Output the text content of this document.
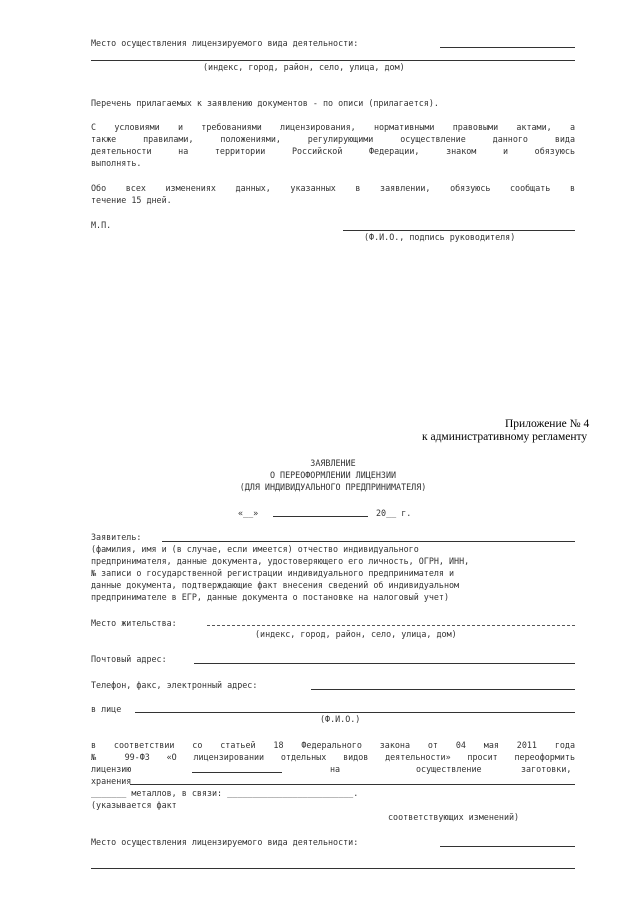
Место осуществления лицензируемого вида деятельности:
(индекс, город, район, село, улица, дом)
Перечень прилагаемых к заявлению документов - по описи (прилагается).
С условиями и требованиями лицензирования, нормативными правовыми актами, а
также правилами, положениями, регулирующими осуществление данного вида
деятельности на территории Российской Федерации, знаком и обязуюсь
выполнять.
Обо всех изменениях данных, указанных в заявлении, обязуюсь сообщать в
течение 15 дней.
М.П.
(Ф.И.О., подпись руководителя)
Приложение № 4
к административному регламенту
ЗАЯВЛЕНИЕ
О ПЕРЕОФОРМЛЕНИИ ЛИЦЕНЗИИ
(ДЛЯ ИНДИВИДУАЛЬНОГО ПРЕДПРИНИМАТЕЛЯ)
«__»	20__ г.
Заявитель:
(фамилия, имя и (в случае, если имеется) отчество индивидуального
предпринимателя, данные документа, удостоверяющего его личность, ОГРН, ИНН,
№ записи о государственной регистрации индивидуального предпринимателя и
данные документа, подтверждающие факт внесения сведений об индивидуальном
предпринимателе в ЕГР, данные документа о постановке на налоговый учет)
Место жительства:
(индекс, город, район, село, улица, дом)
Почтовый адрес:
Телефон, факс, электронный адрес:
в лице
(Ф.И.О.)
в соответствии со статьей 18 Федерального закона от 04 мая 2011 года
№ 99-ФЗ «О лицензировании отдельных видов деятельности» просит переоформить
лицензию	на	осуществление	заготовки,
хранения
_______ металлов, в связи: _________________________.
(указывается факт
соответствующих изменений)
Место осуществления лицензируемого вида деятельности:
